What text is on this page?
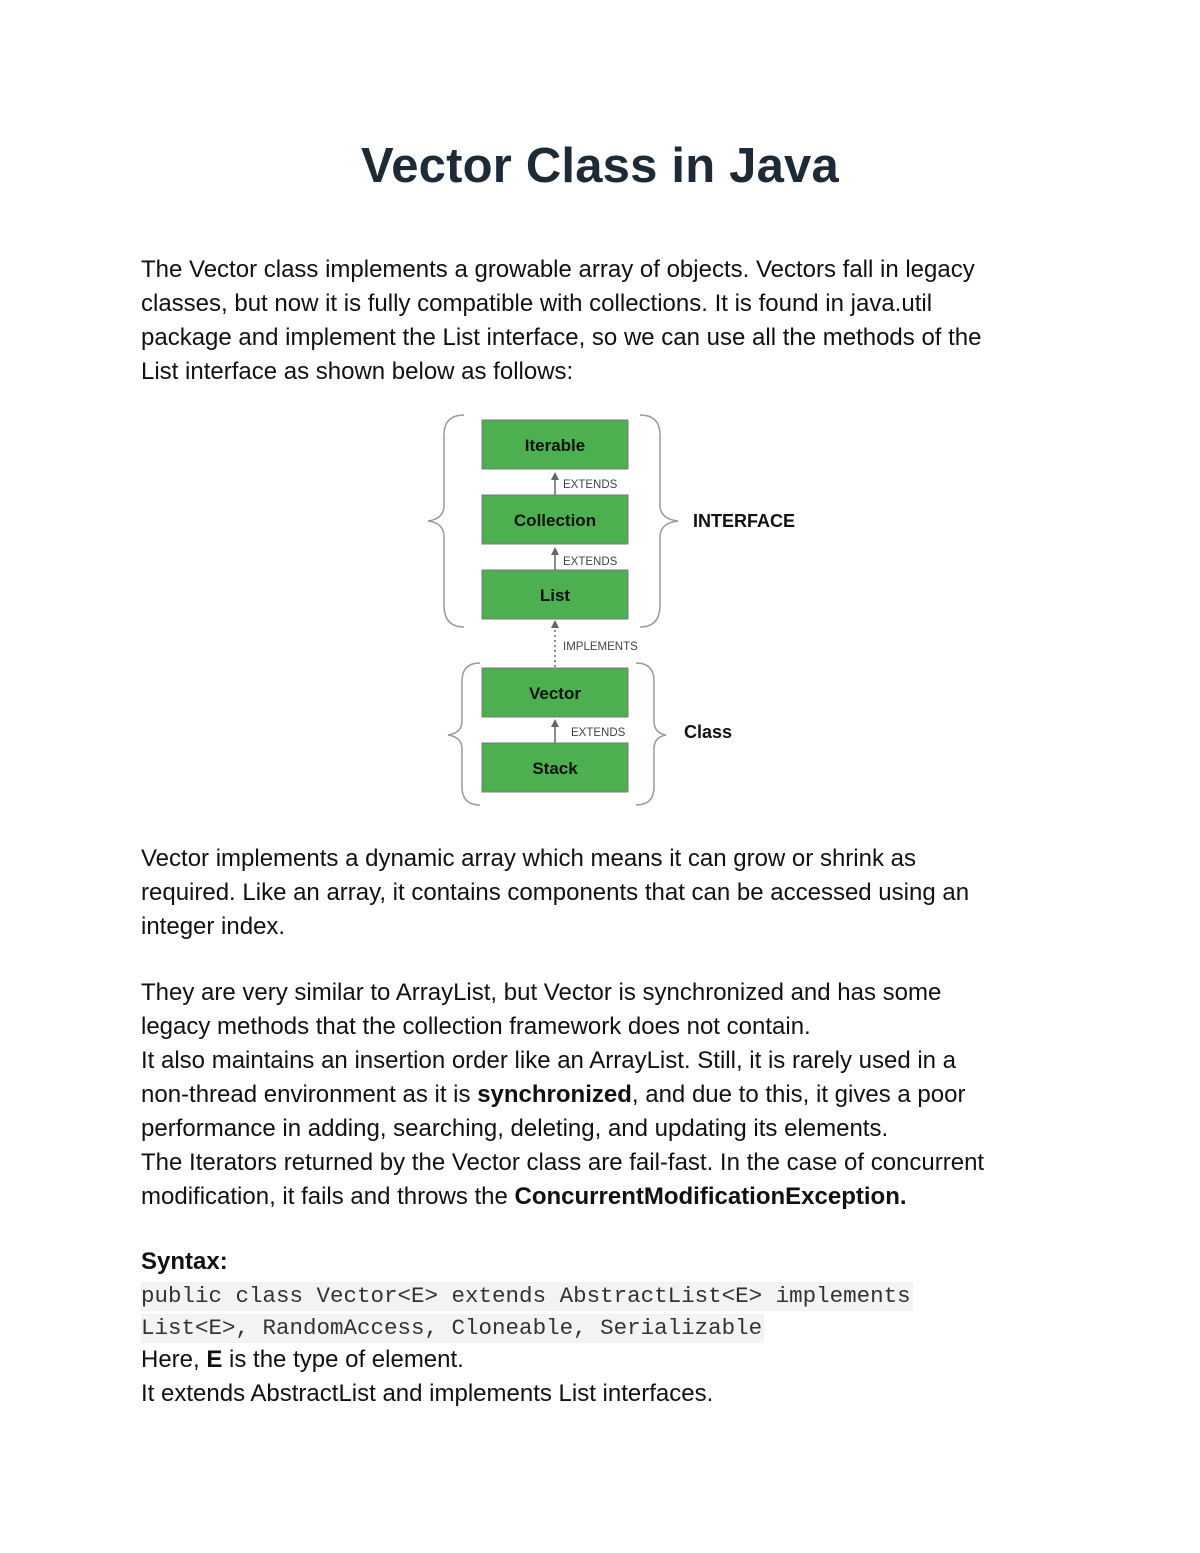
Vector Class in Java
The Vector class implements a growable array of objects. Vectors fall in legacy
classes, but now it is fully compatible with collections. It is found in java.util
package and implement the List interface, so we can use all the methods of the
List interface as shown below as follows:
Iterable
Collection
List
Vector
Stack
EXTENDS
EXTENDS
IMPLEMENTS
EXTENDS
INTERFACE
Class
Vector implements a dynamic array which means it can grow or shrink as
required. Like an array, it contains components that can be accessed using an
integer index.
They are very similar to ArrayList, but Vector is synchronized and has some
legacy methods that the collection framework does not contain.
It also maintains an insertion order like an ArrayList. Still, it is rarely used in a
non-thread environment as it is synchronized, and due to this, it gives a poor
performance in adding, searching, deleting, and updating its elements.
The Iterators returned by the Vector class are fail-fast. In the case of concurrent
modification, it fails and throws the ConcurrentModificationException.
Syntax:
public class Vector<E> extends AbstractList<E> implements
List<E>, RandomAccess, Cloneable, Serializable
Here, E is the type of element.
It extends AbstractList and implements List interfaces.
